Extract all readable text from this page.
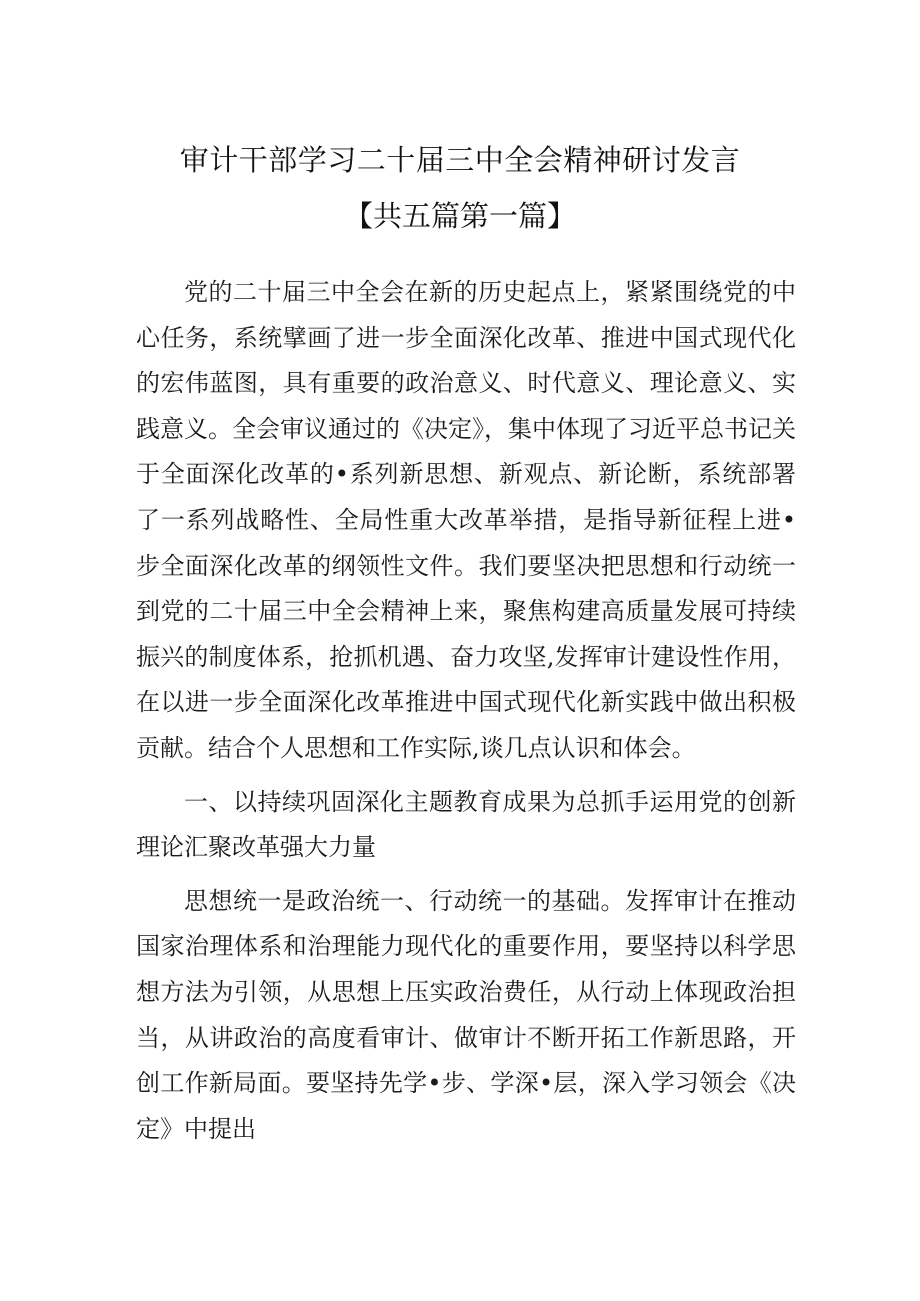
审计干部学习二十届三中全会精神研讨发言
【共五篇第一篇】

党的二十届三中全会在新的历史起点上，紧紧围绕党的中心任务，系统擘画了进一步全面深化改革、推进中国式现代化的宏伟蓝图，具有重要的政治意义、时代意义、理论意义、实践意义。全会审议通过的《决定》，集中体现了习近平总书记关于全面深化改革的•系列新思想、新观点、新论断，系统部署了一系列战略性、全局性重大改革举措，是指导新征程上进•步全面深化改革的纲领性文件。我们要坚决把思想和行动统一到党的二十届三中全会精神上来，聚焦构建高质量发展可持续振兴的制度体系，抢抓机遇、奋力攻坚,发挥审计建设性作用，在以进一步全面深化改革推进中国式现代化新实践中做出积极贡献。结合个人思想和工作实际,谈几点认识和体会。

一、以持续巩固深化主题教育成果为总抓手运用党的创新理论汇聚改革强大力量

思想统一是政治统一、行动统一的基础。发挥审计在推动国家治理体系和治理能力现代化的重要作用，要坚持以科学思想方法为引领，从思想上压实政治费任，从行动上体现政治担当，从讲政治的高度看审计、做审计不断开拓工作新思路，开创工作新局面。要坚持先学•步、学深•层，深入学习领会《决定》中提出
